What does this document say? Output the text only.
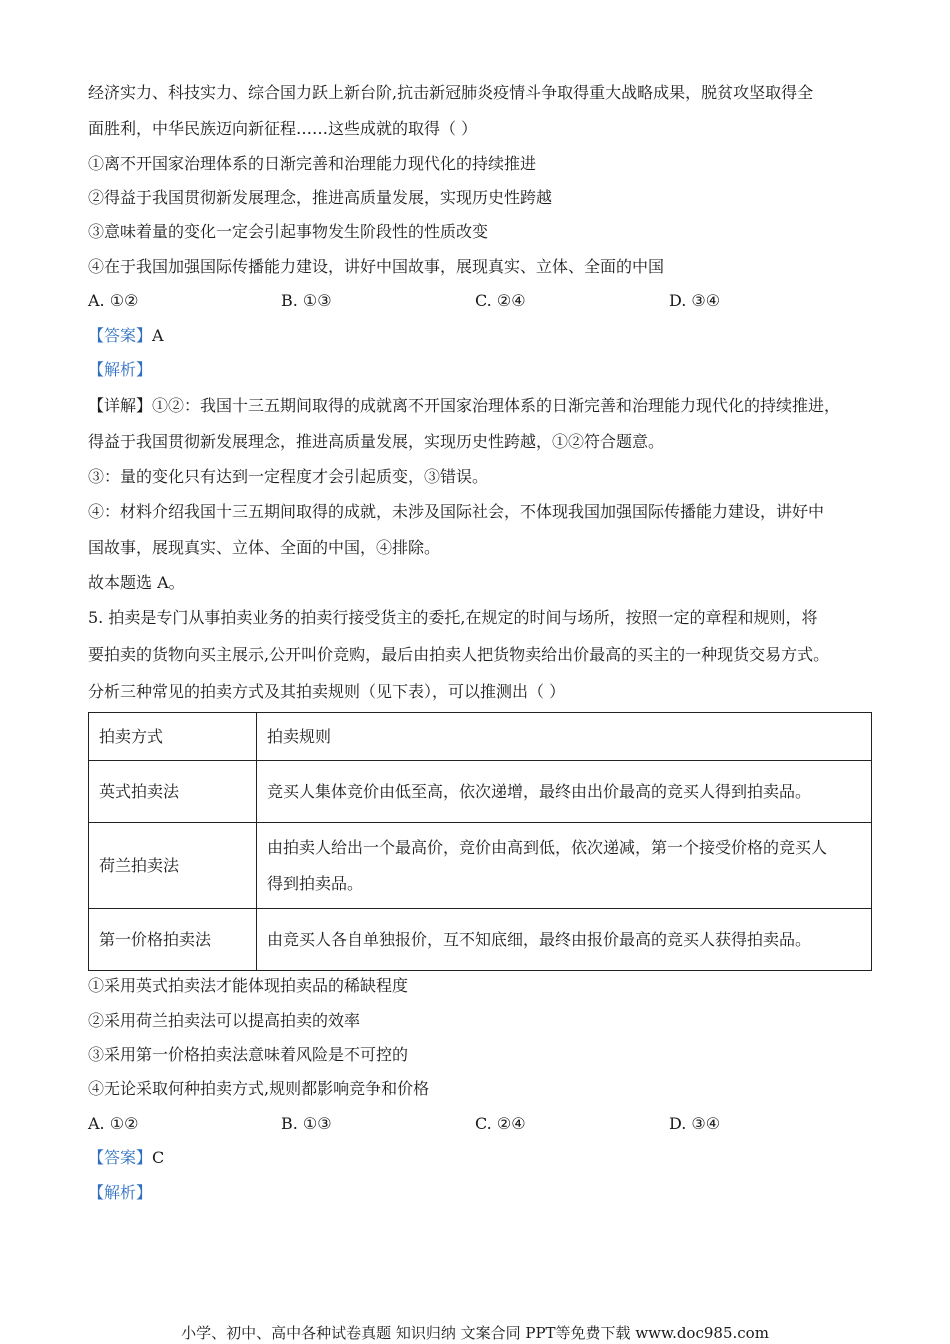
经济实力、科技实力、综合国力跃上新台阶,抗击新冠肺炎疫情斗争取得重大战略成果，脱贫攻坚取得全
面胜利，中华民族迈向新征程……这些成就的取得（ ）
①离不开国家治理体系的日渐完善和治理能力现代化的持续推进
②得益于我国贯彻新发展理念，推进高质量发展，实现历史性跨越
③意味着量的变化一定会引起事物发生阶段性的性质改变
④在于我国加强国际传播能力建设，讲好中国故事，展现真实、立体、全面的中国
A. ①②	B. ①③	C. ②④	D. ③④
【答案】A
【解析】
【详解】①②：我国十三五期间取得的成就离不开国家治理体系的日渐完善和治理能力现代化的持续推进，
得益于我国贯彻新发展理念，推进高质量发展，实现历史性跨越，①②符合题意。
③：量的变化只有达到一定程度才会引起质变，③错误。
④：材料介绍我国十三五期间取得的成就，未涉及国际社会，不体现我国加强国际传播能力建设，讲好中
国故事，展现真实、立体、全面的中国，④排除。
故本题选 A。
5. 拍卖是专门从事拍卖业务的拍卖行接受货主的委托,在规定的时间与场所，按照一定的章程和规则，将
要拍卖的货物向买主展示,公开叫价竞购，最后由拍卖人把货物卖给出价最高的买主的一种现货交易方式。
分析三种常见的拍卖方式及其拍卖规则（见下表），可以推测出（ ）
拍卖方式	拍卖规则
英式拍卖法	竞买人集体竞价由低至高，依次递增，最终由出价最高的竞买人得到拍卖品。
荷兰拍卖法	由拍卖人给出一个最高价，竞价由高到低，依次递减，第一个接受价格的竞买人
得到拍卖品。

第一价格拍卖法	由竞买人各自单独报价，互不知底细，最终由报价最高的竞买人获得拍卖品。
①采用英式拍卖法才能体现拍卖品的稀缺程度
②采用荷兰拍卖法可以提高拍卖的效率
③采用第一价格拍卖法意味着风险是不可控的
④无论采取何种拍卖方式,规则都影响竞争和价格
A. ①②	B. ①③	C. ②④	D. ③④
【答案】C
【解析】
小学、初中、高中各种试卷真题 知识归纳 文案合同 PPT等免费下载 www.doc985.com
